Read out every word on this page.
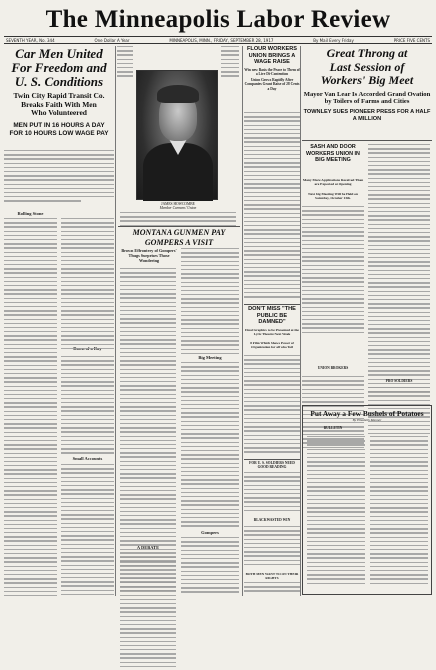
The Minneapolis Labor Review
SEVENTH YEAR, No. 344	One Dollar A Year	MINNEAPOLIS, MINN., FRIDAY, SEPTEMBER 28, 1917	By Mail Every Friday	PRICE FIVE CENTS
Car Men United
For Freedom and
U. S. Conditions
Twin City Rapid Transit Co.
Breaks Faith With Men
Who Volunteered
MEN PUT IN 16 HOURS A DAY
FOR 10 HOURS LOW WAGE PAY
Rolling Stone
Small Accounts
JAMES HOWCOMBE
Member Carmens' Union
MONTANA GUNMEN PAY GOMPERS A VISIT
Brown Effrontery of Gompers' Thugs Surprises Those Wondering
Big Meeting
A DEBATE
Gompers
FLOUR WORKERS UNION BRINGS A WAGE RAISE
Win new Basis the Peace to Them of a Live Di-Contention
Union Grows Rapidly After Companies Grant Raise of 28 Cents a Day
DON'T MISS "THE PUBLIC BE DAMNED"
Final Graphics to be Presented at the Lyric Theatre Next Week
8 Film Which Shows Power of Organization for all who Toil
FOR U. S. SOLDIERS NEED GOOD READING
BLACKWASTED WIN
BOTH MEN WANT TO ON THEIR RIGHTS
Great Throng at
Last Session of
Workers' Big Meet
Mayor Van Lear Is Accorded Grand Ovation by Toilers of Farms and Cities
TOWNLEY SUES PIONEER PRESS FOR A HALF A MILLION
SASH AND DOOR WORKERS UNION IN BIG MEETING
Many More Applications Received Than are Expected at Opening
Next big Meeting Will be Held on Saturday, October 13th.
UNION BROKERS
PRO SOLDIERS
BULLETIN
Put Away a Few Bushels of Potatoes
By Elizabeth Manner
